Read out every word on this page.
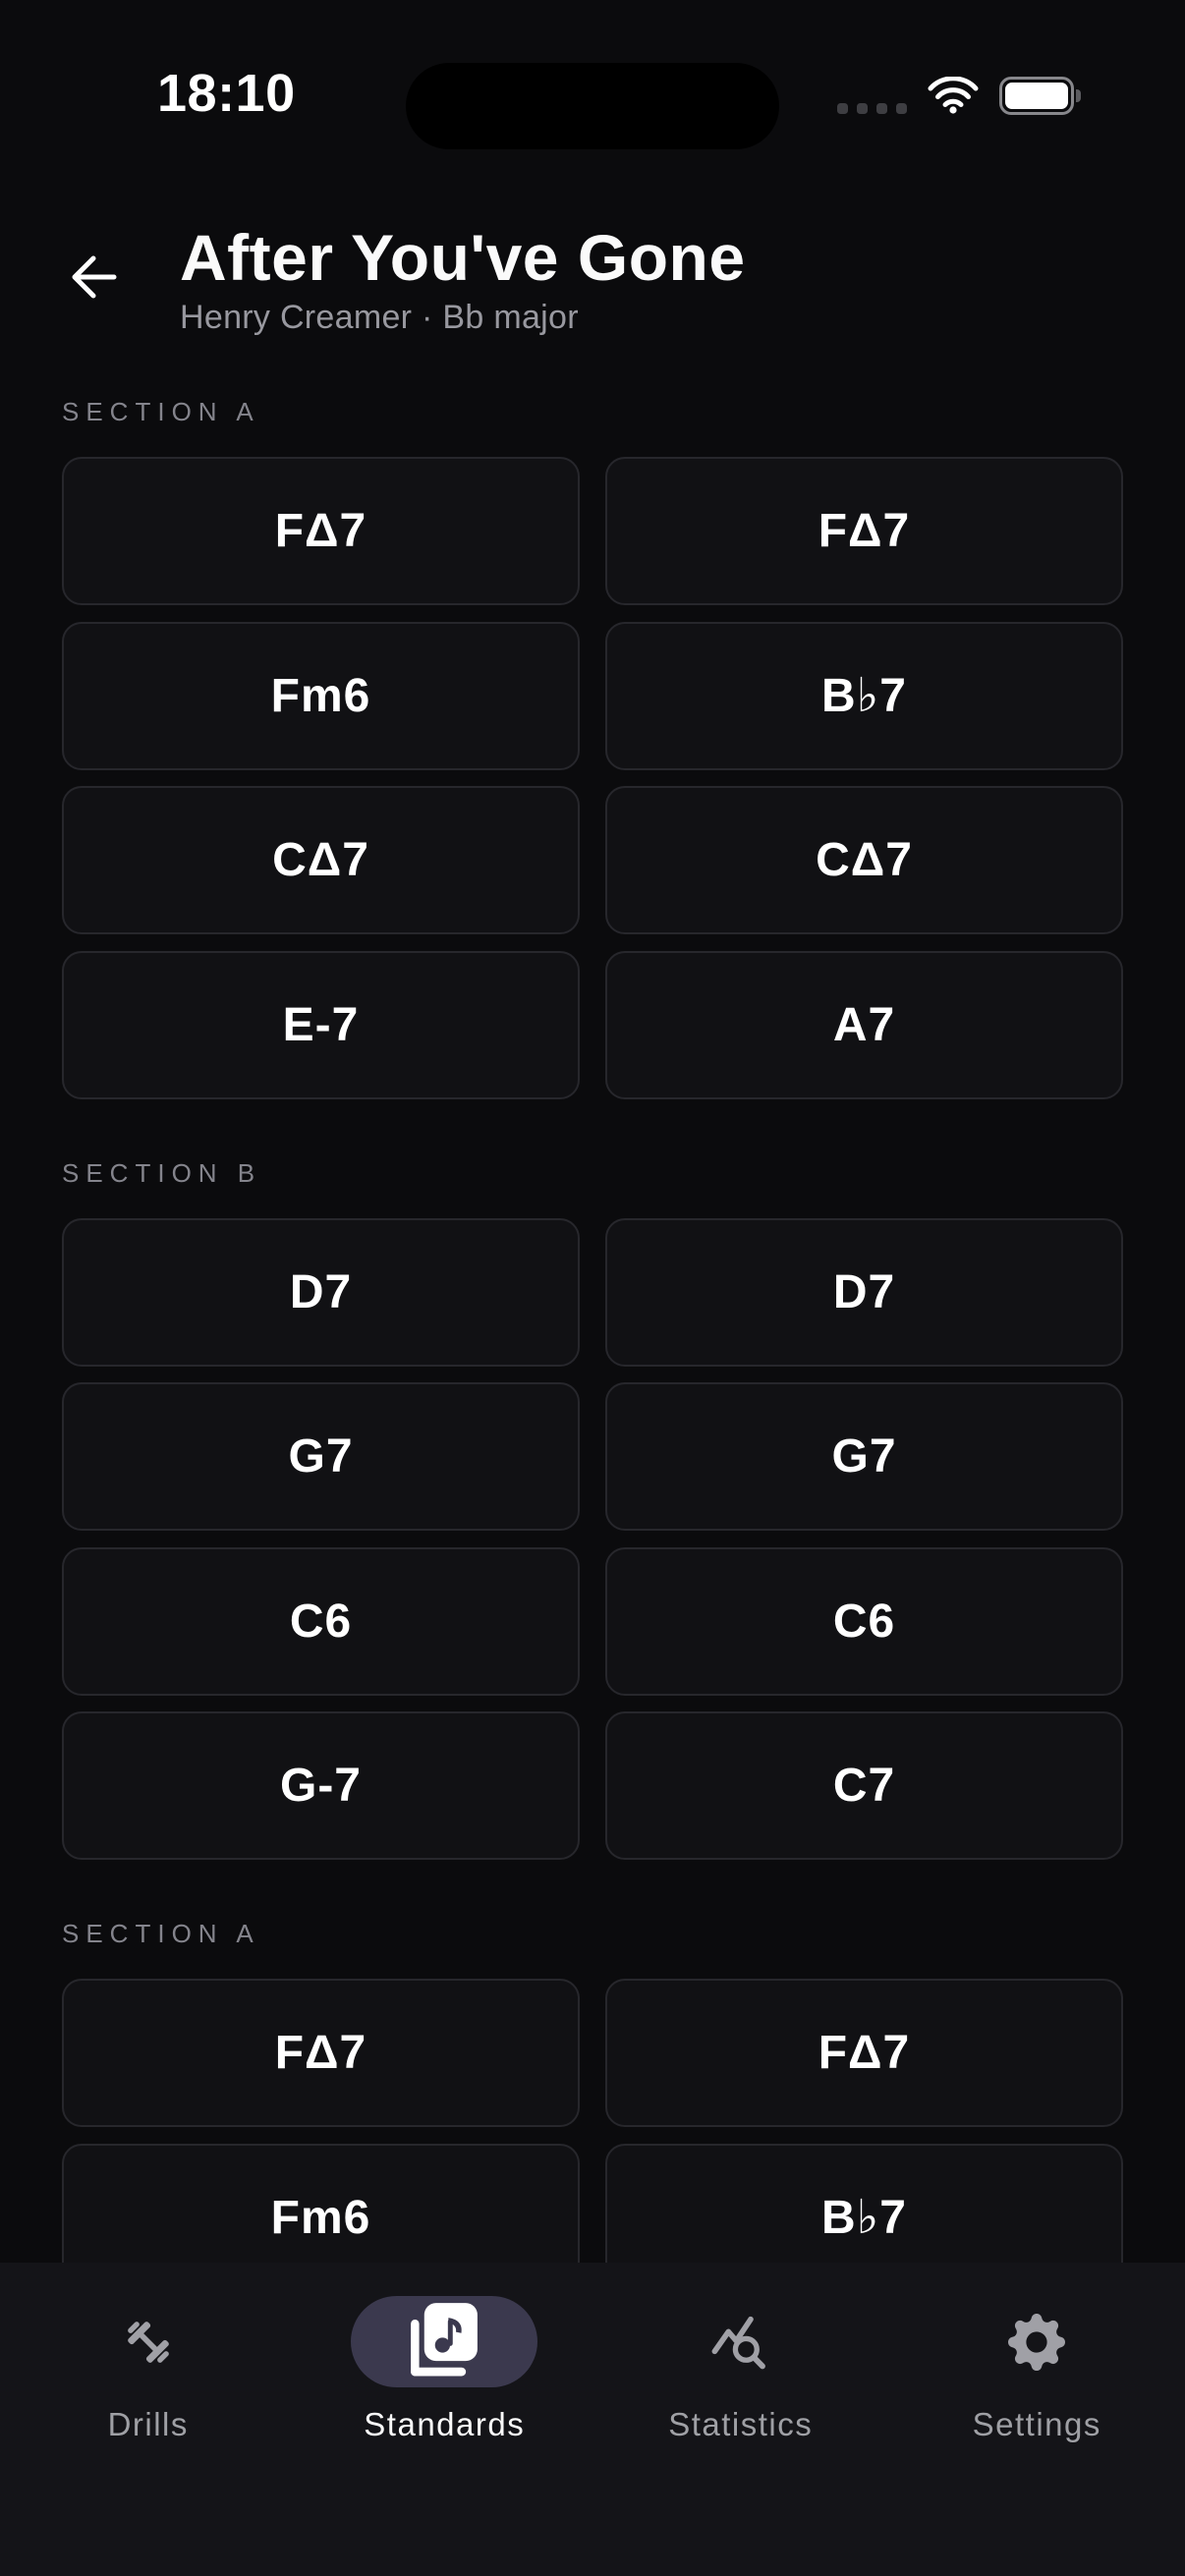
18:10
After You've Gone
Henry Creamer · Bb major
SECTION A
FΔ7	FΔ7
Fm6	B♭7
CΔ7	CΔ7
E-7	A7
SECTION B
D7	D7
G7	G7
C6	C6
G-7	C7
SECTION A
FΔ7	FΔ7
Fm6	B♭7
Drills	Standards	Statistics	Settings
